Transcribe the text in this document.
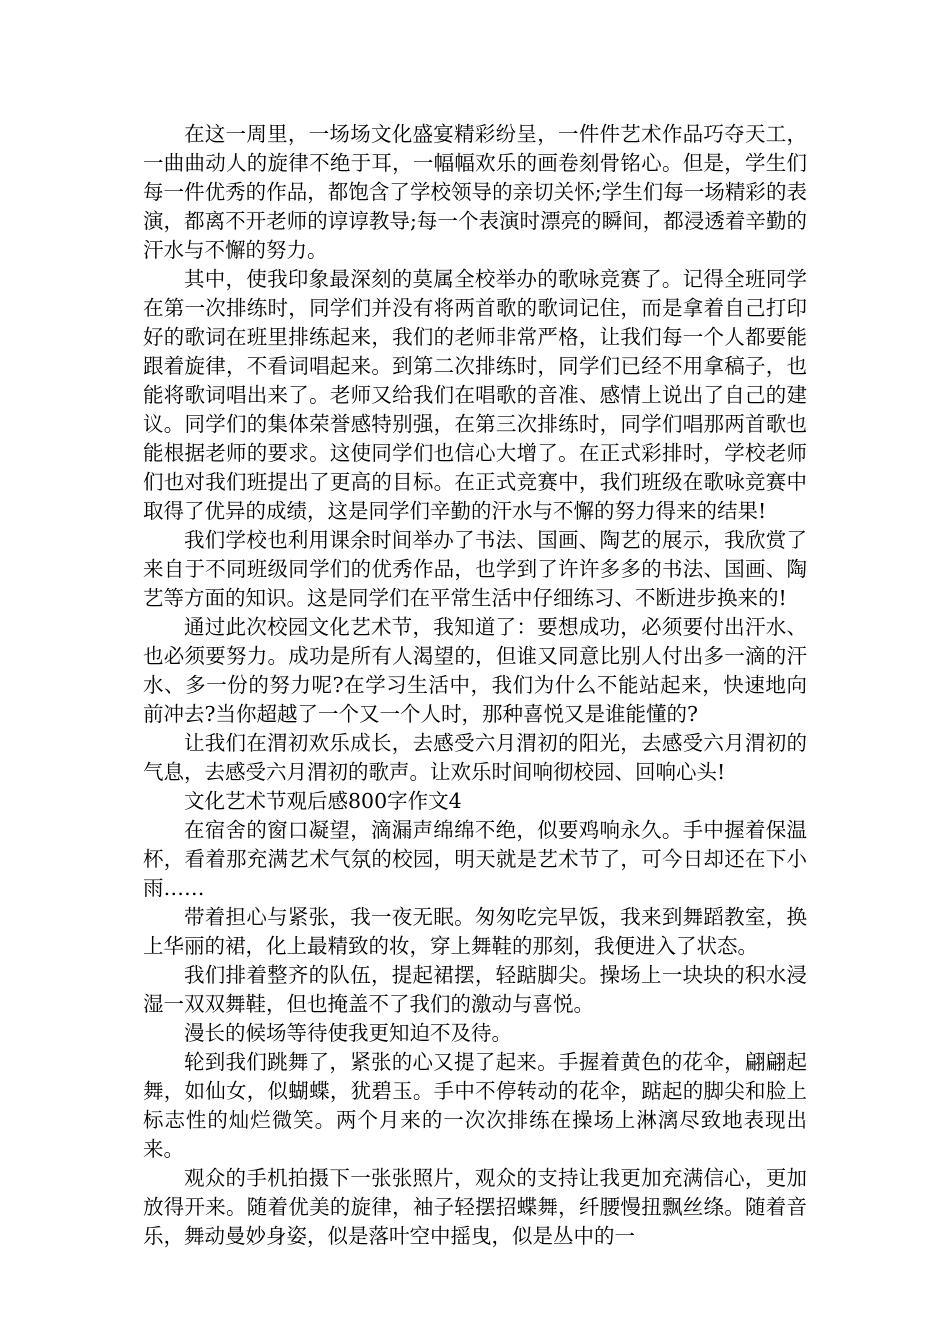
在这一周里，一场场文化盛宴精彩纷呈，一件件艺术作品巧夺天工，一曲曲动人的旋律不绝于耳，一幅幅欢乐的画卷刻骨铭心。但是，学生们每一件优秀的作品，都饱含了学校领导的亲切关怀;学生们每一场精彩的表演，都离不开老师的谆谆教导;每一个表演时漂亮的瞬间，都浸透着辛勤的汗水与不懈的努力。

其中，使我印象最深刻的莫属全校举办的歌咏竞赛了。记得全班同学在第一次排练时，同学们并没有将两首歌的歌词记住，而是拿着自己打印好的歌词在班里排练起来，我们的老师非常严格，让我们每一个人都要能跟着旋律，不看词唱起来。到第二次排练时，同学们已经不用拿稿子，也能将歌词唱出来了。老师又给我们在唱歌的音准、感情上说出了自己的建议。同学们的集体荣誉感特别强，在第三次排练时，同学们唱那两首歌也能根据老师的要求。这使同学们也信心大增了。在正式彩排时，学校老师们也对我们班提出了更高的目标。在正式竞赛中，我们班级在歌咏竞赛中取得了优异的成绩，这是同学们辛勤的汗水与不懈的努力得来的结果!

我们学校也利用课余时间举办了书法、国画、陶艺的展示，我欣赏了来自于不同班级同学们的优秀作品，也学到了许许多多的书法、国画、陶艺等方面的知识。这是同学们在平常生活中仔细练习、不断进步换来的!

通过此次校园文化艺术节，我知道了：要想成功，必须要付出汗水、也必须要努力。成功是所有人渴望的，但谁又同意比别人付出多一滴的汗水、多一份的努力呢?在学习生活中，我们为什么不能站起来，快速地向前冲去?当你超越了一个又一个人时，那种喜悦又是谁能懂的?

让我们在渭初欢乐成长，去感受六月渭初的阳光，去感受六月渭初的气息，去感受六月渭初的歌声。让欢乐时间响彻校园、回响心头!

文化艺术节观后感800字作文4

在宿舍的窗口凝望，滴漏声绵绵不绝，似要鸡响永久。手中握着保温杯，看着那充满艺术气氛的校园，明天就是艺术节了，可今日却还在下小雨……

带着担心与紧张，我一夜无眠。匆匆吃完早饭，我来到舞蹈教室，换上华丽的裙，化上最精致的妆，穿上舞鞋的那刻，我便进入了状态。

我们排着整齐的队伍，提起裙摆，轻踮脚尖。操场上一块块的积水浸湿一双双舞鞋，但也掩盖不了我们的激动与喜悦。

漫长的候场等待使我更知迫不及待。

轮到我们跳舞了，紧张的心又提了起来。手握着黄色的花伞，翩翩起舞，如仙女，似蝴蝶，犹碧玉。手中不停转动的花伞，踮起的脚尖和脸上标志性的灿烂微笑。两个月来的一次次排练在操场上淋漓尽致地表现出来。

观众的手机拍摄下一张张照片，观众的支持让我更加充满信心，更加放得开来。随着优美的旋律，袖子轻摆招蝶舞，纤腰慢扭飘丝绦。随着音乐，舞动曼妙身姿，似是落叶空中摇曳，似是丛中的一
